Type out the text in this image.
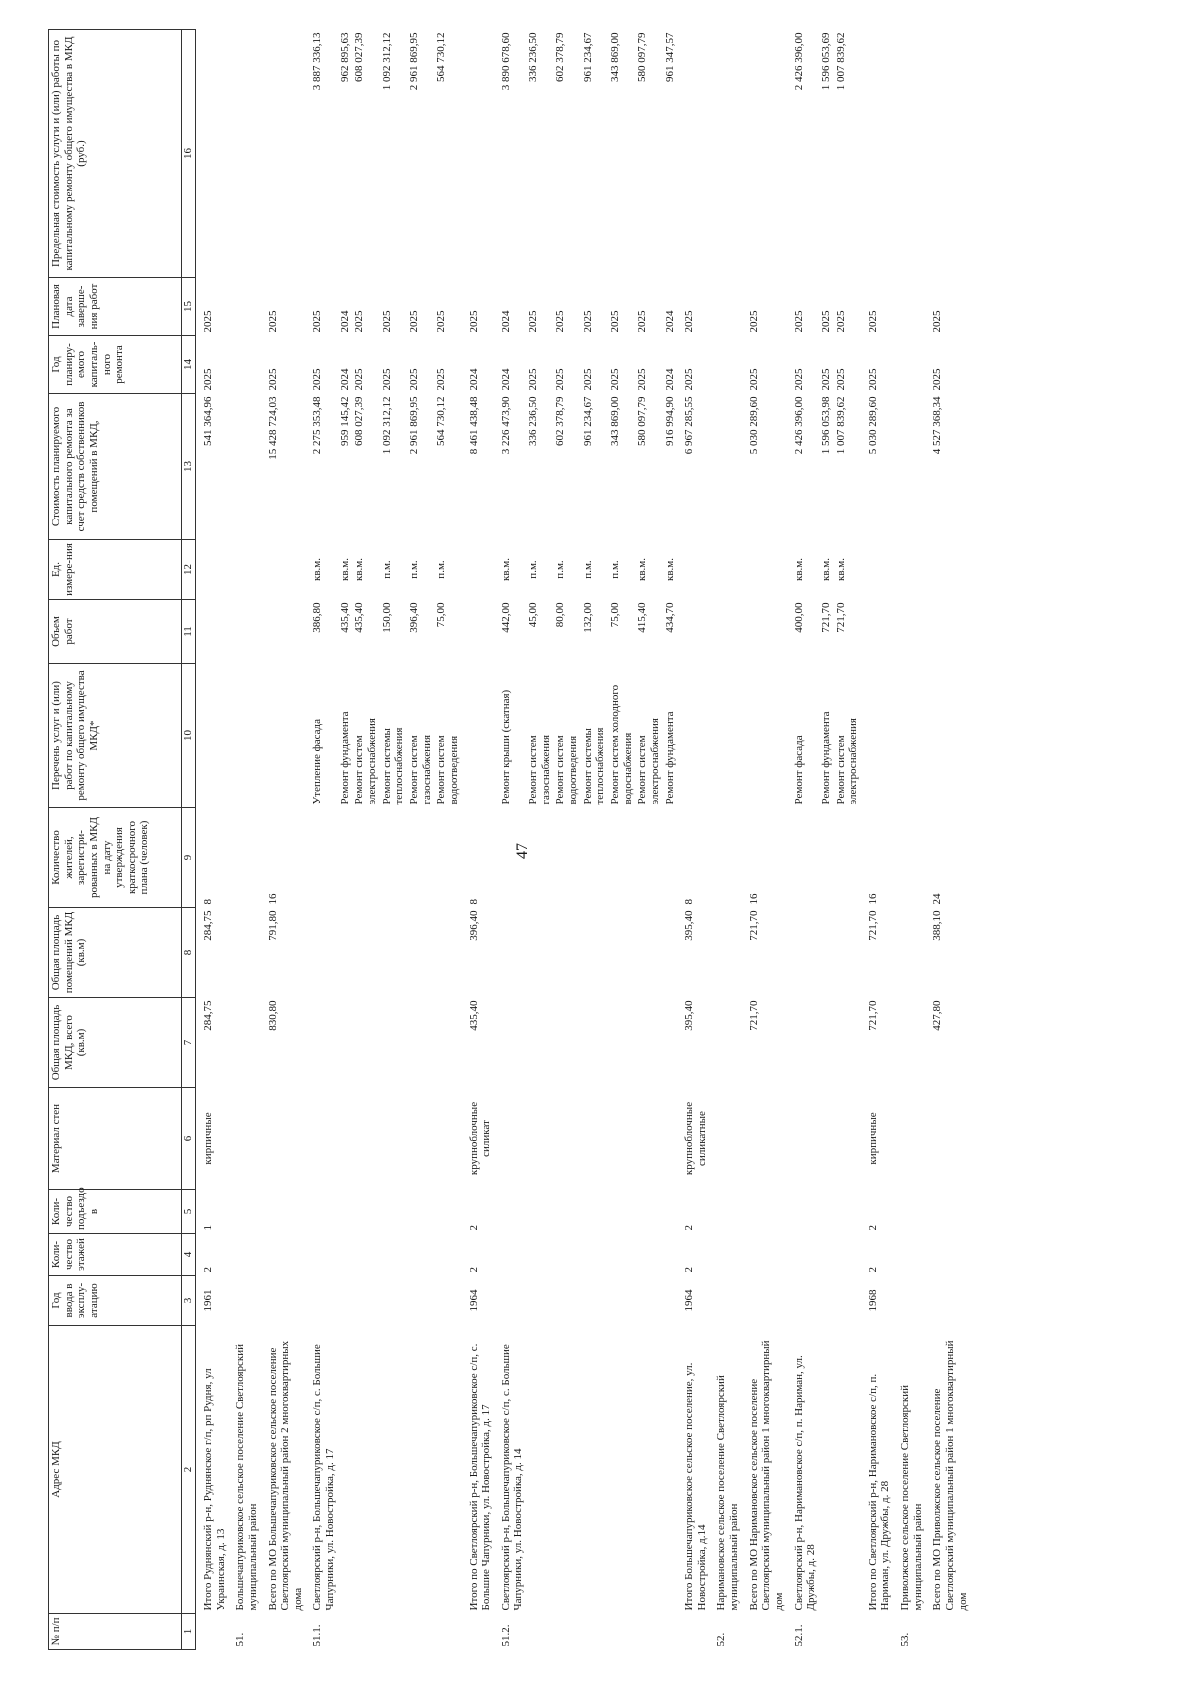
47
№ п/п	Адрес МКД	Год ввода в эксплу-атацию	Коли-чество этажей	Коли-чество подъездо в	Материал стен	Общая площадь МКД, всего (кв.м)	Общая площадь помещений МКД (кв.м)	Количество жителей, зарегистри-рованных в МКД на дату утверждения краткосрочного плана (человек)	Перечень услуг и (или) работ по капитальному ремонту общего имущества МКД*	Объем работ	Ед. измере-ния	Стоимость планируемого капитального ремонта за счет средств собственников помещений в МКД,	Год планиру-емого капиталь-ного ремонта	Плановая дата заверше-ния работ	Предельная стоимость услуги и (или) работы по капитальному ремонту общего имущества в МКД (руб.)
1	2	3	4	5	6	7	8	9	10	11	12	13	14	15	16
	Итого Руднянский р-н, Руднянское г/п, рп Рудня, ул Украинская, д. 13	1961	2	1	кирпичные	284,75	284,75	8				541 364,96	2025	2025	
51.	Большечапуриковское сельское поселение Светлоярский муниципальный район														
	Всего по МО Большечапуриковское сельское поселение Светлоярский муниципальный район 2 многоквартирных дома					830,80	791,80	16				15 428 724,03	2025	2025	
51.1.	Светлоярский р-н, Большечапуриковское с/п, с. Большие Чапурники, ул. Новостройка, д. 17								Утепление фасада	386,80	кв.м.	2 275 353,48	2025	2025	3 887 336,13
									Ремонт фундамента	435,40	кв.м.	959 145,42	2024	2024	962 895,63
									Ремонт систем электроснабжения	435,40	кв.м.	608 027,39	2025	2025	608 027,39
									Ремонт системы теплоснабжения	150,00	п.м.	1 092 312,12	2025	2025	1 092 312,12
									Ремонт систем газоснабжения	396,40	п.м.	2 961 869,95	2025	2025	2 961 869,95
									Ремонт систем водоотведения	75,00	п.м.	564 730,12	2025	2025	564 730,12
	Итого по Светлоярский р-н, Большечапуриковское с/п, с. Большие Чапурники, ул. Новостройка, д. 17	1964	2	2	крупноблочные силикат	435,40	396,40	8				8 461 438,48	2024	2025	
51.2.	Светлоярский р-н, Большечапуриковское с/п, с. Большие Чапурники, ул. Новостройка, д. 14								Ремонт крыши (скатная)	442,00	кв.м.	3 226 473,90	2024	2024	3 890 678,60
									Ремонт систем газоснабжения	45,00	п.м.	336 236,50	2025	2025	336 236,50
									Ремонт систем водоотведения	80,00	п.м.	602 378,79	2025	2025	602 378,79
									Ремонт системы теплоснабжения	132,00	п.м.	961 234,67	2025	2025	961 234,67
									Ремонт систем холодного водоснабжения	75,00	п.м.	343 869,00	2025	2025	343 869,00
									Ремонт систем электроснабжения	415,40	кв.м.	580 097,79	2025	2025	580 097,79
									Ремонт фундамента	434,70	кв.м.	916 994,90	2024	2024	961 347,57
	Итого Большечапуриковское сельское поселение, ул. Новостройка, д.14	1964	2	2	крупноблочные силикатные	395,40	395,40	8				6 967 285,55	2025	2025	
52.	Наримановское сельское поселение Светлоярский муниципальный район														
	Всего по МО Наримановское сельское поселение Светлоярский муниципальный район 1 многоквартирный дом					721,70	721,70	16				5 030 289,60	2025	2025	
52.1.	Светлоярский р-н, Наримановское с/п, п. Нариман, ул. Дружбы, д. 28								Ремонт фасада	400,00	кв.м.	2 426 396,00	2025	2025	2 426 396,00
									Ремонт фундамента	721,70	кв.м.	1 596 053,98	2025	2025	1 596 053,69
									Ремонт систем электроснабжения	721,70	кв.м.	1 007 839,62	2025	2025	1 007 839,62
	Итого по Светлоярский р-н, Наримановское с/п, п. Нариман, ул. Дружбы, д. 28	1968	2	2	кирпичные	721,70	721,70	16				5 030 289,60	2025	2025	
53.	Приволжское сельское поселение Светлоярский муниципальный район														
	Всего по МО Приволжское сельское поселение Светлоярский муниципальный район 1 многоквартирный дом					427,80	388,10	24				4 527 368,34	2025	2025	
